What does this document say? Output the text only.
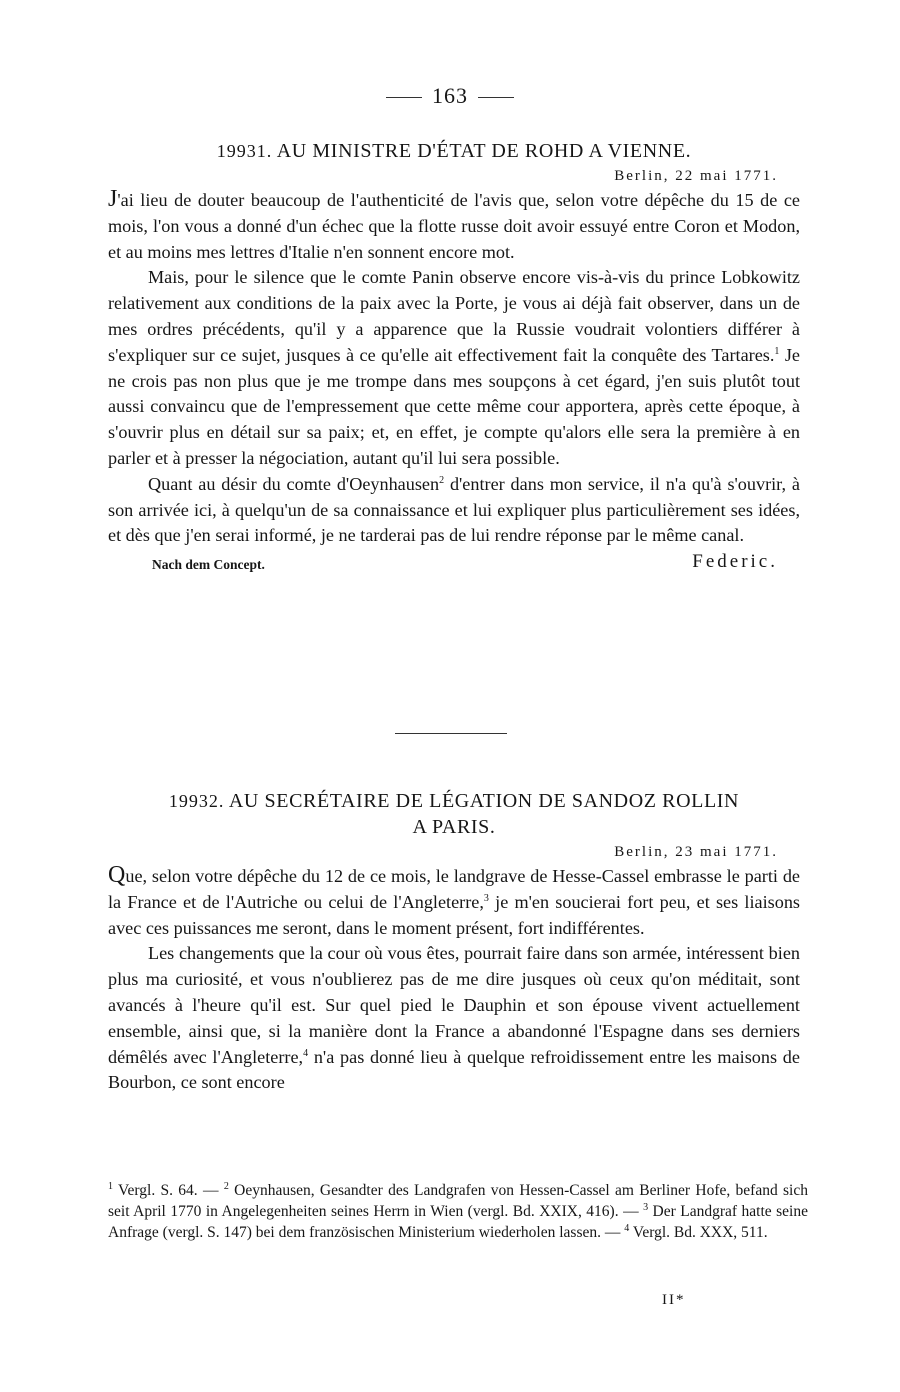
163
19931. AU MINISTRE D'ÉTAT DE ROHD A VIENNE.
Berlin, 22 mai 1771.

J'ai lieu de douter beaucoup de l'authenticité de l'avis que, selon votre dépêche du 15 de ce mois, l'on vous a donné d'un échec que la flotte russe doit avoir essuyé entre Coron et Modon, et au moins mes lettres d'Italie n'en sonnent encore mot.

Mais, pour le silence que le comte Panin observe encore vis-à-vis du prince Lobkowitz relativement aux conditions de la paix avec la Porte, je vous ai déjà fait observer, dans un de mes ordres précédents, qu'il y a apparence que la Russie voudrait volontiers différer à s'expliquer sur ce sujet, jusques à ce qu'elle ait effectivement fait la conquête des Tartares.$^1$ Je ne crois pas non plus que je me trompe dans mes soupçons à cet égard, j'en suis plutôt tout aussi convaincu que de l'empressement que cette même cour apportera, après cette époque, à s'ouvrir plus en détail sur sa paix; et, en effet, je compte qu'alors elle sera la première à en parler et à presser la négociation, autant qu'il lui sera possible.

Quant au désir du comte d'Oeynhausen$^2$ d'entrer dans mon service, il n'a qu'à s'ouvrir, à son arrivée ici, à quelqu'un de sa connaissance et lui expliquer plus particulièrement ses idées, et dès que j'en serai informé, je ne tarderai pas de lui rendre réponse par le même canal.

Nach dem Concept.	Federic.
19932. AU SECRÉTAIRE DE LÉGATION DE SANDOZ ROLLIN
A PARIS.
Berlin, 23 mai 1771.

Que, selon votre dépêche du 12 de ce mois, le landgrave de Hesse-Cassel embrasse le parti de la France et de l'Autriche ou celui de l'Angleterre,$^3$ je m'en soucierai fort peu, et ses liaisons avec ces puissances me seront, dans le moment présent, fort indifférentes.

Les changements que la cour où vous êtes, pourrait faire dans son armée, intéressent bien plus ma curiosité, et vous n'oublierez pas de me dire jusques où ceux qu'on méditait, sont avancés à l'heure qu'il est. Sur quel pied le Dauphin et son épouse vivent actuellement ensemble, ainsi que, si la manière dont la France a abandonné l'Espagne dans ses derniers démêlés avec l'Angleterre,$^4$ n'a pas donné lieu à quelque refroidissement entre les maisons de Bourbon, ce sont encore

$^1$ Vergl. S. 64. — $^2$ Oeynhausen, Gesandter des Landgrafen von Hessen-Cassel am Berliner Hofe, befand sich seit April 1770 in Angelegenheiten seines Herrn in Wien (vergl. Bd. XXIX, 416). — $^3$ Der Landgraf hatte seine Anfrage (vergl. S. 147) bei dem französischen Ministerium wiederholen lassen. — $^4$ Vergl. Bd. XXX, 511.

II*
